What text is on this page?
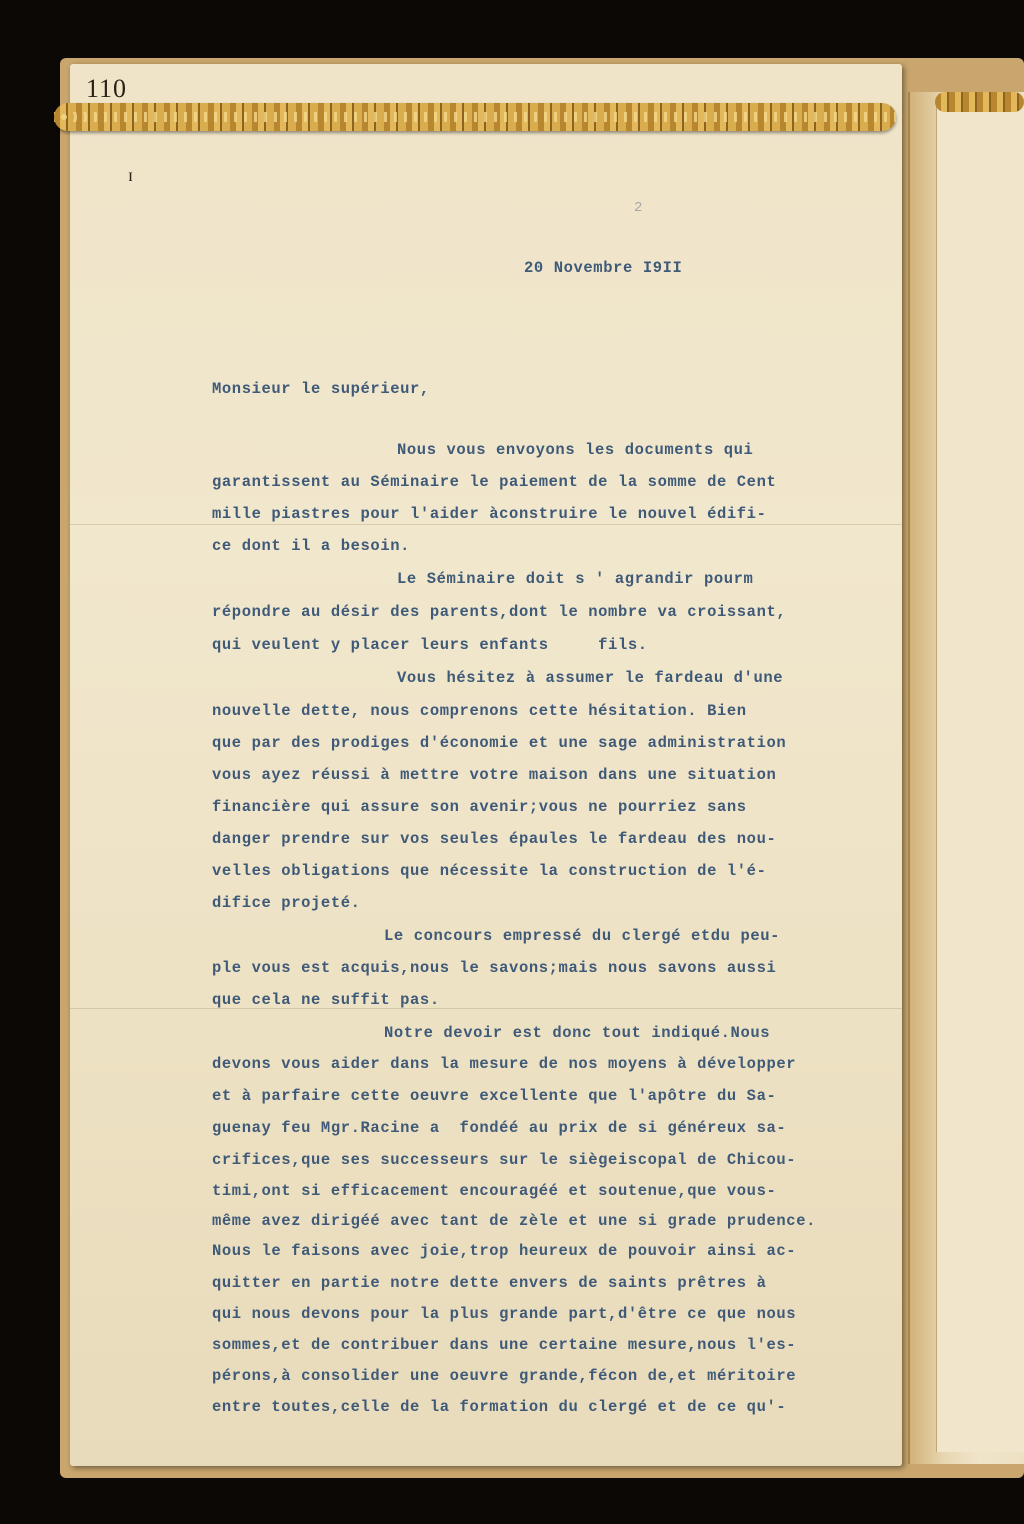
110
ɪ
2
20 Novembre I9II
Monsieur le supérieur,
Nous vous envoyons les documents qui
garantissent au Séminaire le paiement de la somme de Cent
mille piastres pour l'aider àconstruire le nouvel édifi-
ce dont il a besoin.
Le Séminaire doit s ' agrandir pourm
répondre au désir des parents,dont le nombre va croissant,
qui veulent y placer leurs enfants     fils.
Vous hésitez à assumer le fardeau d'une
nouvelle dette, nous comprenons cette hésitation. Bien
que par des prodiges d'économie et une sage administration
vous ayez réussi à mettre votre maison dans une situation
financière qui assure son avenir;vous ne pourriez sans
danger prendre sur vos seules épaules le fardeau des nou-
velles obligations que nécessite la construction de l'é-
difice projeté.
Le concours empressé du clergé etdu peu-
ple vous est acquis,nous le savons;mais nous savons aussi
que cela ne suffit pas.
Notre devoir est donc tout indiqué.Nous
devons vous aider dans la mesure de nos moyens à développer
et à parfaire cette oeuvre excellente que l'apôtre du Sa-
guenay feu Mgr.Racine a  fondéé au prix de si généreux sa-
crifices,que ses successeurs sur le siègeiscopal de Chicou-
timi,ont si efficacement encouragéé et soutenue,que vous-
même avez dirigéé avec tant de zèle et une si grade prudence.
Nous le faisons avec joie,trop heureux de pouvoir ainsi ac-
quitter en partie notre dette envers de saints prêtres à
qui nous devons pour la plus grande part,d'être ce que nous
sommes,et de contribuer dans une certaine mesure,nous l'es-
pérons,à consolider une oeuvre grande,fécon de,et méritoire
entre toutes,celle de la formation du clergé et de ce qu'-
